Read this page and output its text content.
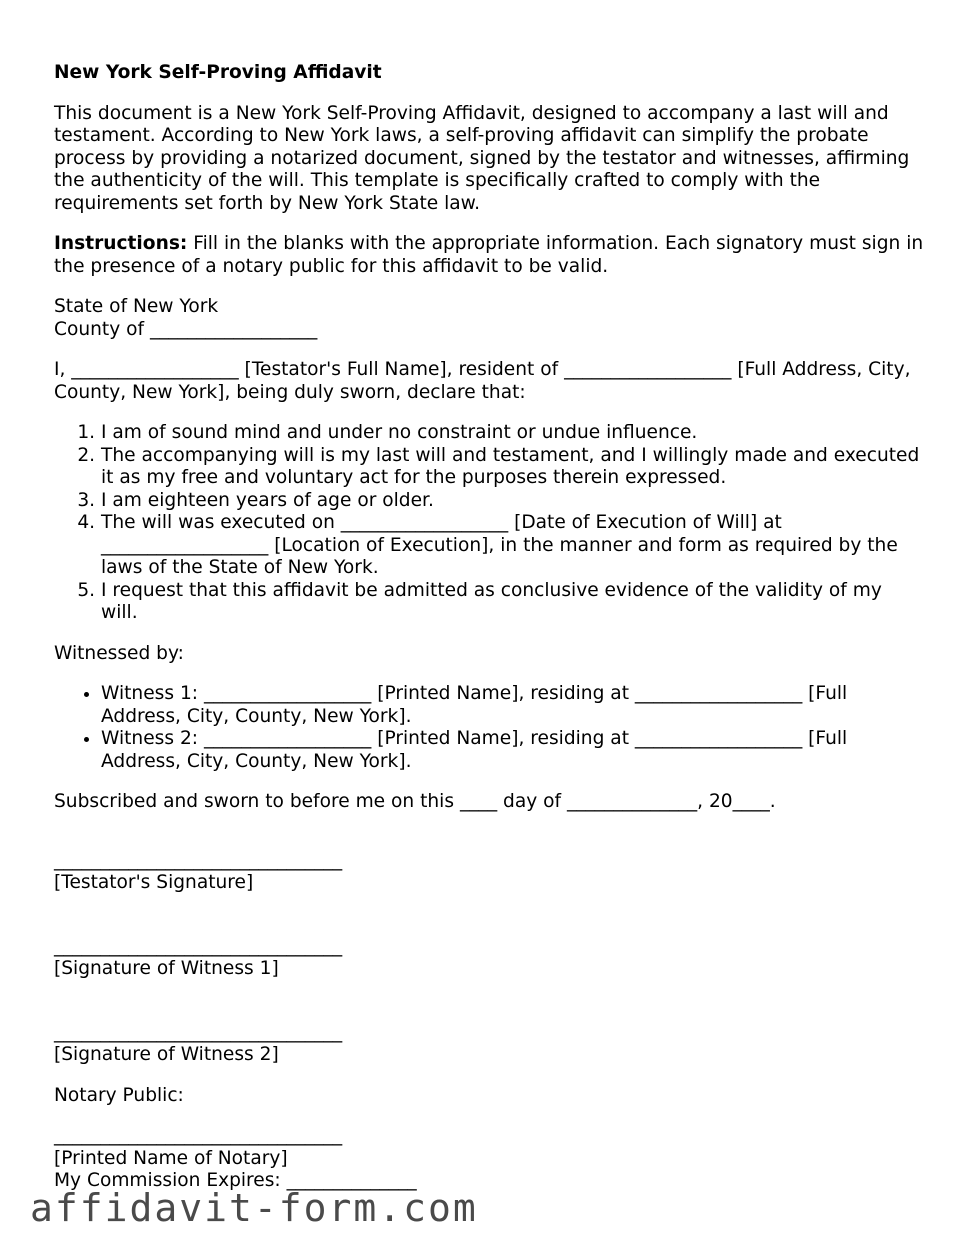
New York Self-Proving Affidavit

This document is a New York Self-Proving Affidavit, designed to accompany a last will and testament. According to New York laws, a self-proving affidavit can simplify the probate process by providing a notarized document, signed by the testator and witnesses, affirming the authenticity of the will. This template is specifically crafted to comply with the requirements set forth by New York State law.

Instructions: Fill in the blanks with the appropriate information. Each signatory must sign in the presence of a notary public for this affidavit to be valid.

State of New York
County of __________________

I, __________________ [Testator's Full Name], resident of __________________ [Full Address, City, County, New York], being duly sworn, declare that:

1. I am of sound mind and under no constraint or undue influence.
2. The accompanying will is my last will and testament, and I willingly made and executed it as my free and voluntary act for the purposes therein expressed.
3. I am eighteen years of age or older.
4. The will was executed on __________________ [Date of Execution of Will] at __________________ [Location of Execution], in the manner and form as required by the laws of the State of New York.
5. I request that this affidavit be admitted as conclusive evidence of the validity of my will.

Witnessed by:

• Witness 1: __________________ [Printed Name], residing at __________________ [Full Address, City, County, New York].
• Witness 2: __________________ [Printed Name], residing at __________________ [Full Address, City, County, New York].

Subscribed and sworn to before me on this ____ day of ______________, 20____.

_______________________________
[Testator's Signature]
_______________________________
[Signature of Witness 1]
_______________________________
[Signature of Witness 2]
Notary Public:
_______________________________
[Printed Name of Notary]
My Commission Expires: ______________
affidavit-form.com
